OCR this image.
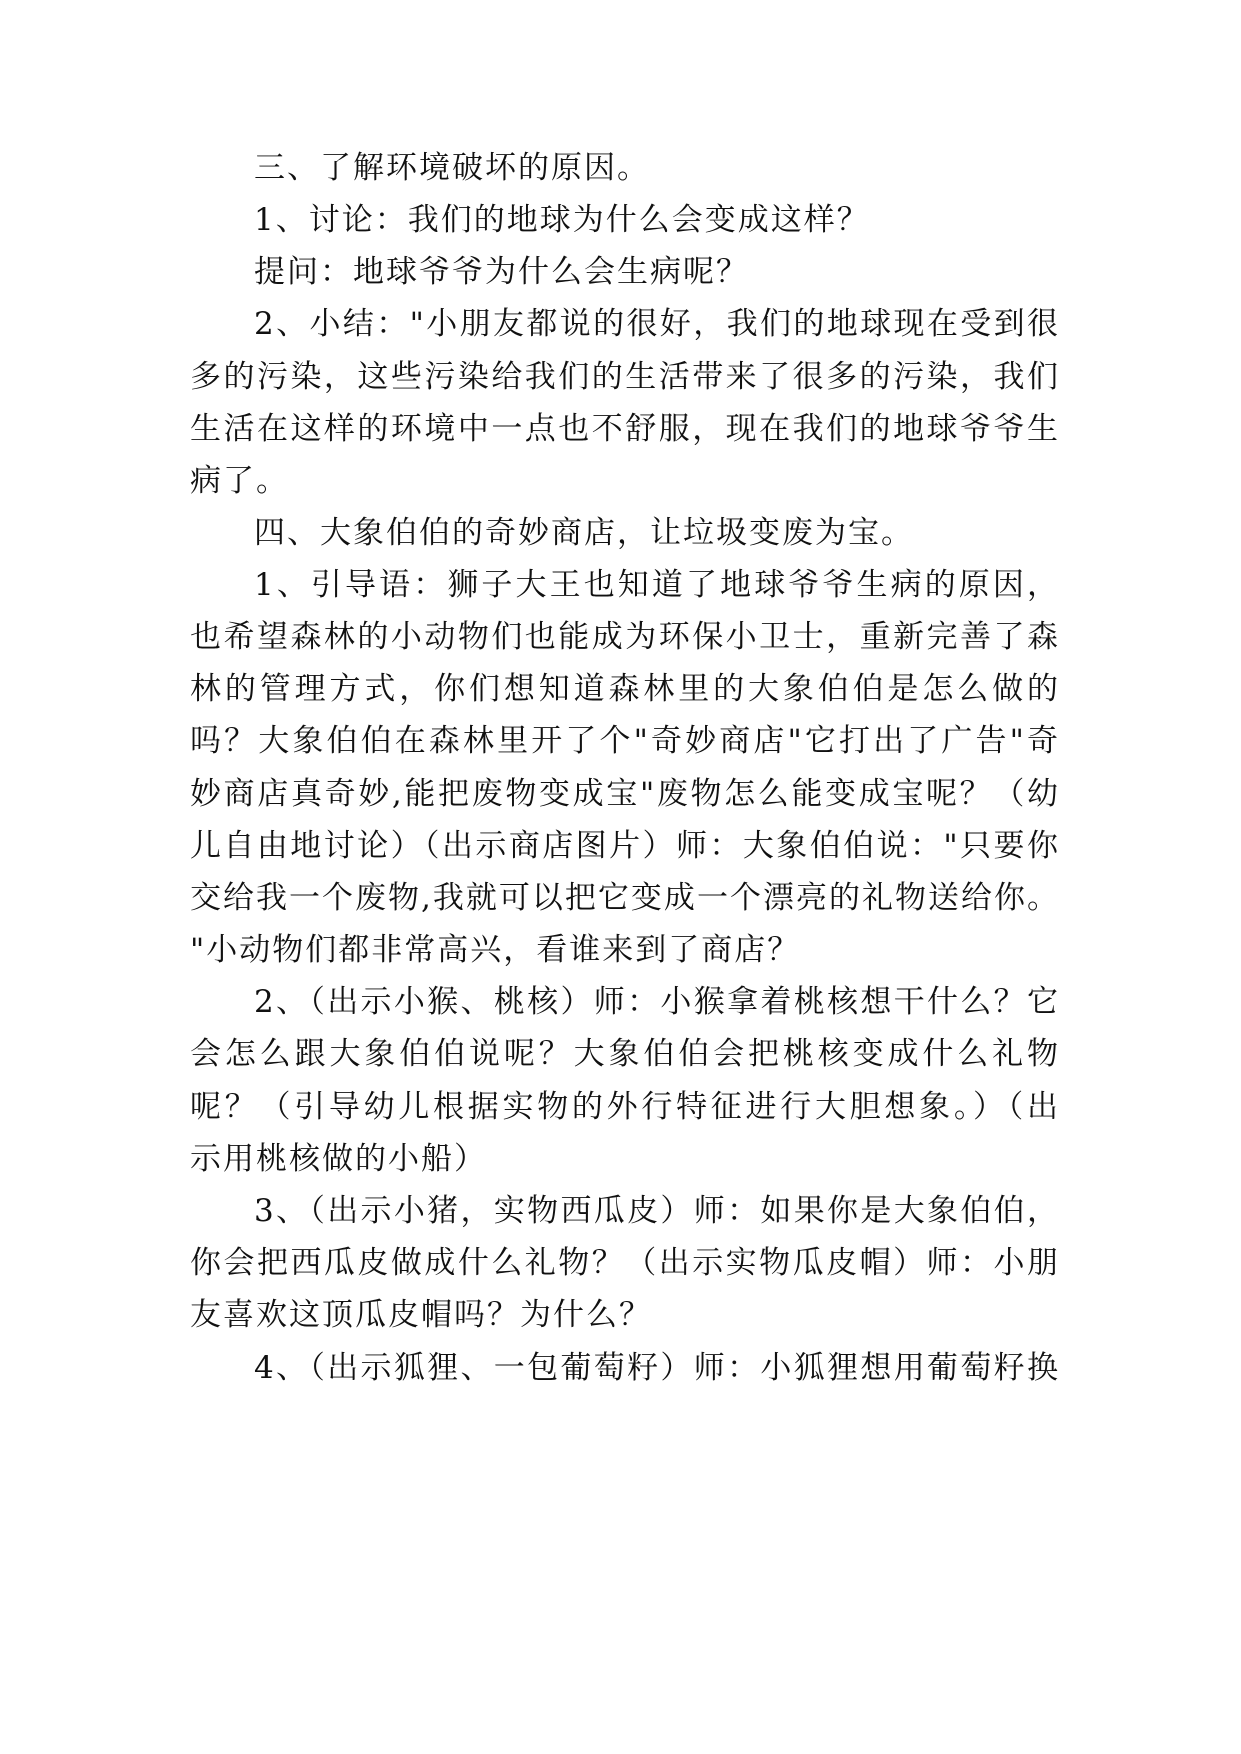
三、了解环境破坏的原因。
1、讨论：我们的地球为什么会变成这样？
提问：地球爷爷为什么会生病呢？
2、小结："小朋友都说的很好，我们的地球现在受到很
多的污染，这些污染给我们的生活带来了很多的污染，我们
生活在这样的环境中一点也不舒服，现在我们的地球爷爷生
病了。
四、大象伯伯的奇妙商店，让垃圾变废为宝。
1、引导语：狮子大王也知道了地球爷爷生病的原因，
也希望森林的小动物们也能成为环保小卫士，重新完善了森
林的管理方式，你们想知道森林里的大象伯伯是怎么做的
吗？大象伯伯在森林里开了个"奇妙商店"它打出了广告"奇
妙商店真奇妙,能把废物变成宝"废物怎么能变成宝呢？（幼
儿自由地讨论）（出示商店图片）师：大象伯伯说："只要你
交给我一个废物,我就可以把它变成一个漂亮的礼物送给你。
"小动物们都非常高兴，看谁来到了商店？
2、（出示小猴、桃核）师：小猴拿着桃核想干什么？它
会怎么跟大象伯伯说呢？大象伯伯会把桃核变成什么礼物
呢？（引导幼儿根据实物的外行特征进行大胆想象。）（出
示用桃核做的小船）
3、（出示小猪，实物西瓜皮）师：如果你是大象伯伯，
你会把西瓜皮做成什么礼物？（出示实物瓜皮帽）师：小朋
友喜欢这顶瓜皮帽吗？为什么？
4、（出示狐狸、一包葡萄籽）师：小狐狸想用葡萄籽换
